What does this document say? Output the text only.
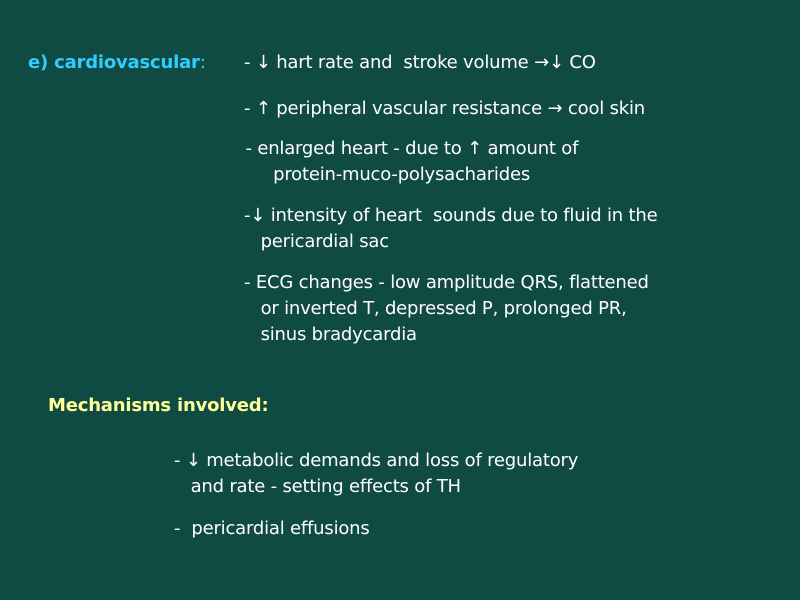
e) cardiovascular: - ↓ hart rate and  stroke volume →↓ CO
- ↑ peripheral vascular resistance → cool skin
- enlarged heart - due to ↑ amount of
protein-muco-polysacharides
-↓ intensity of heart  sounds due to fluid in the
pericardial sac
- ECG changes - low amplitude QRS, flattened
or inverted T, depressed P, prolonged PR,
sinus bradycardia
Mechanisms involved:
- ↓ metabolic demands and loss of regulatory
and rate - setting effects of TH
-  pericardial effusions
